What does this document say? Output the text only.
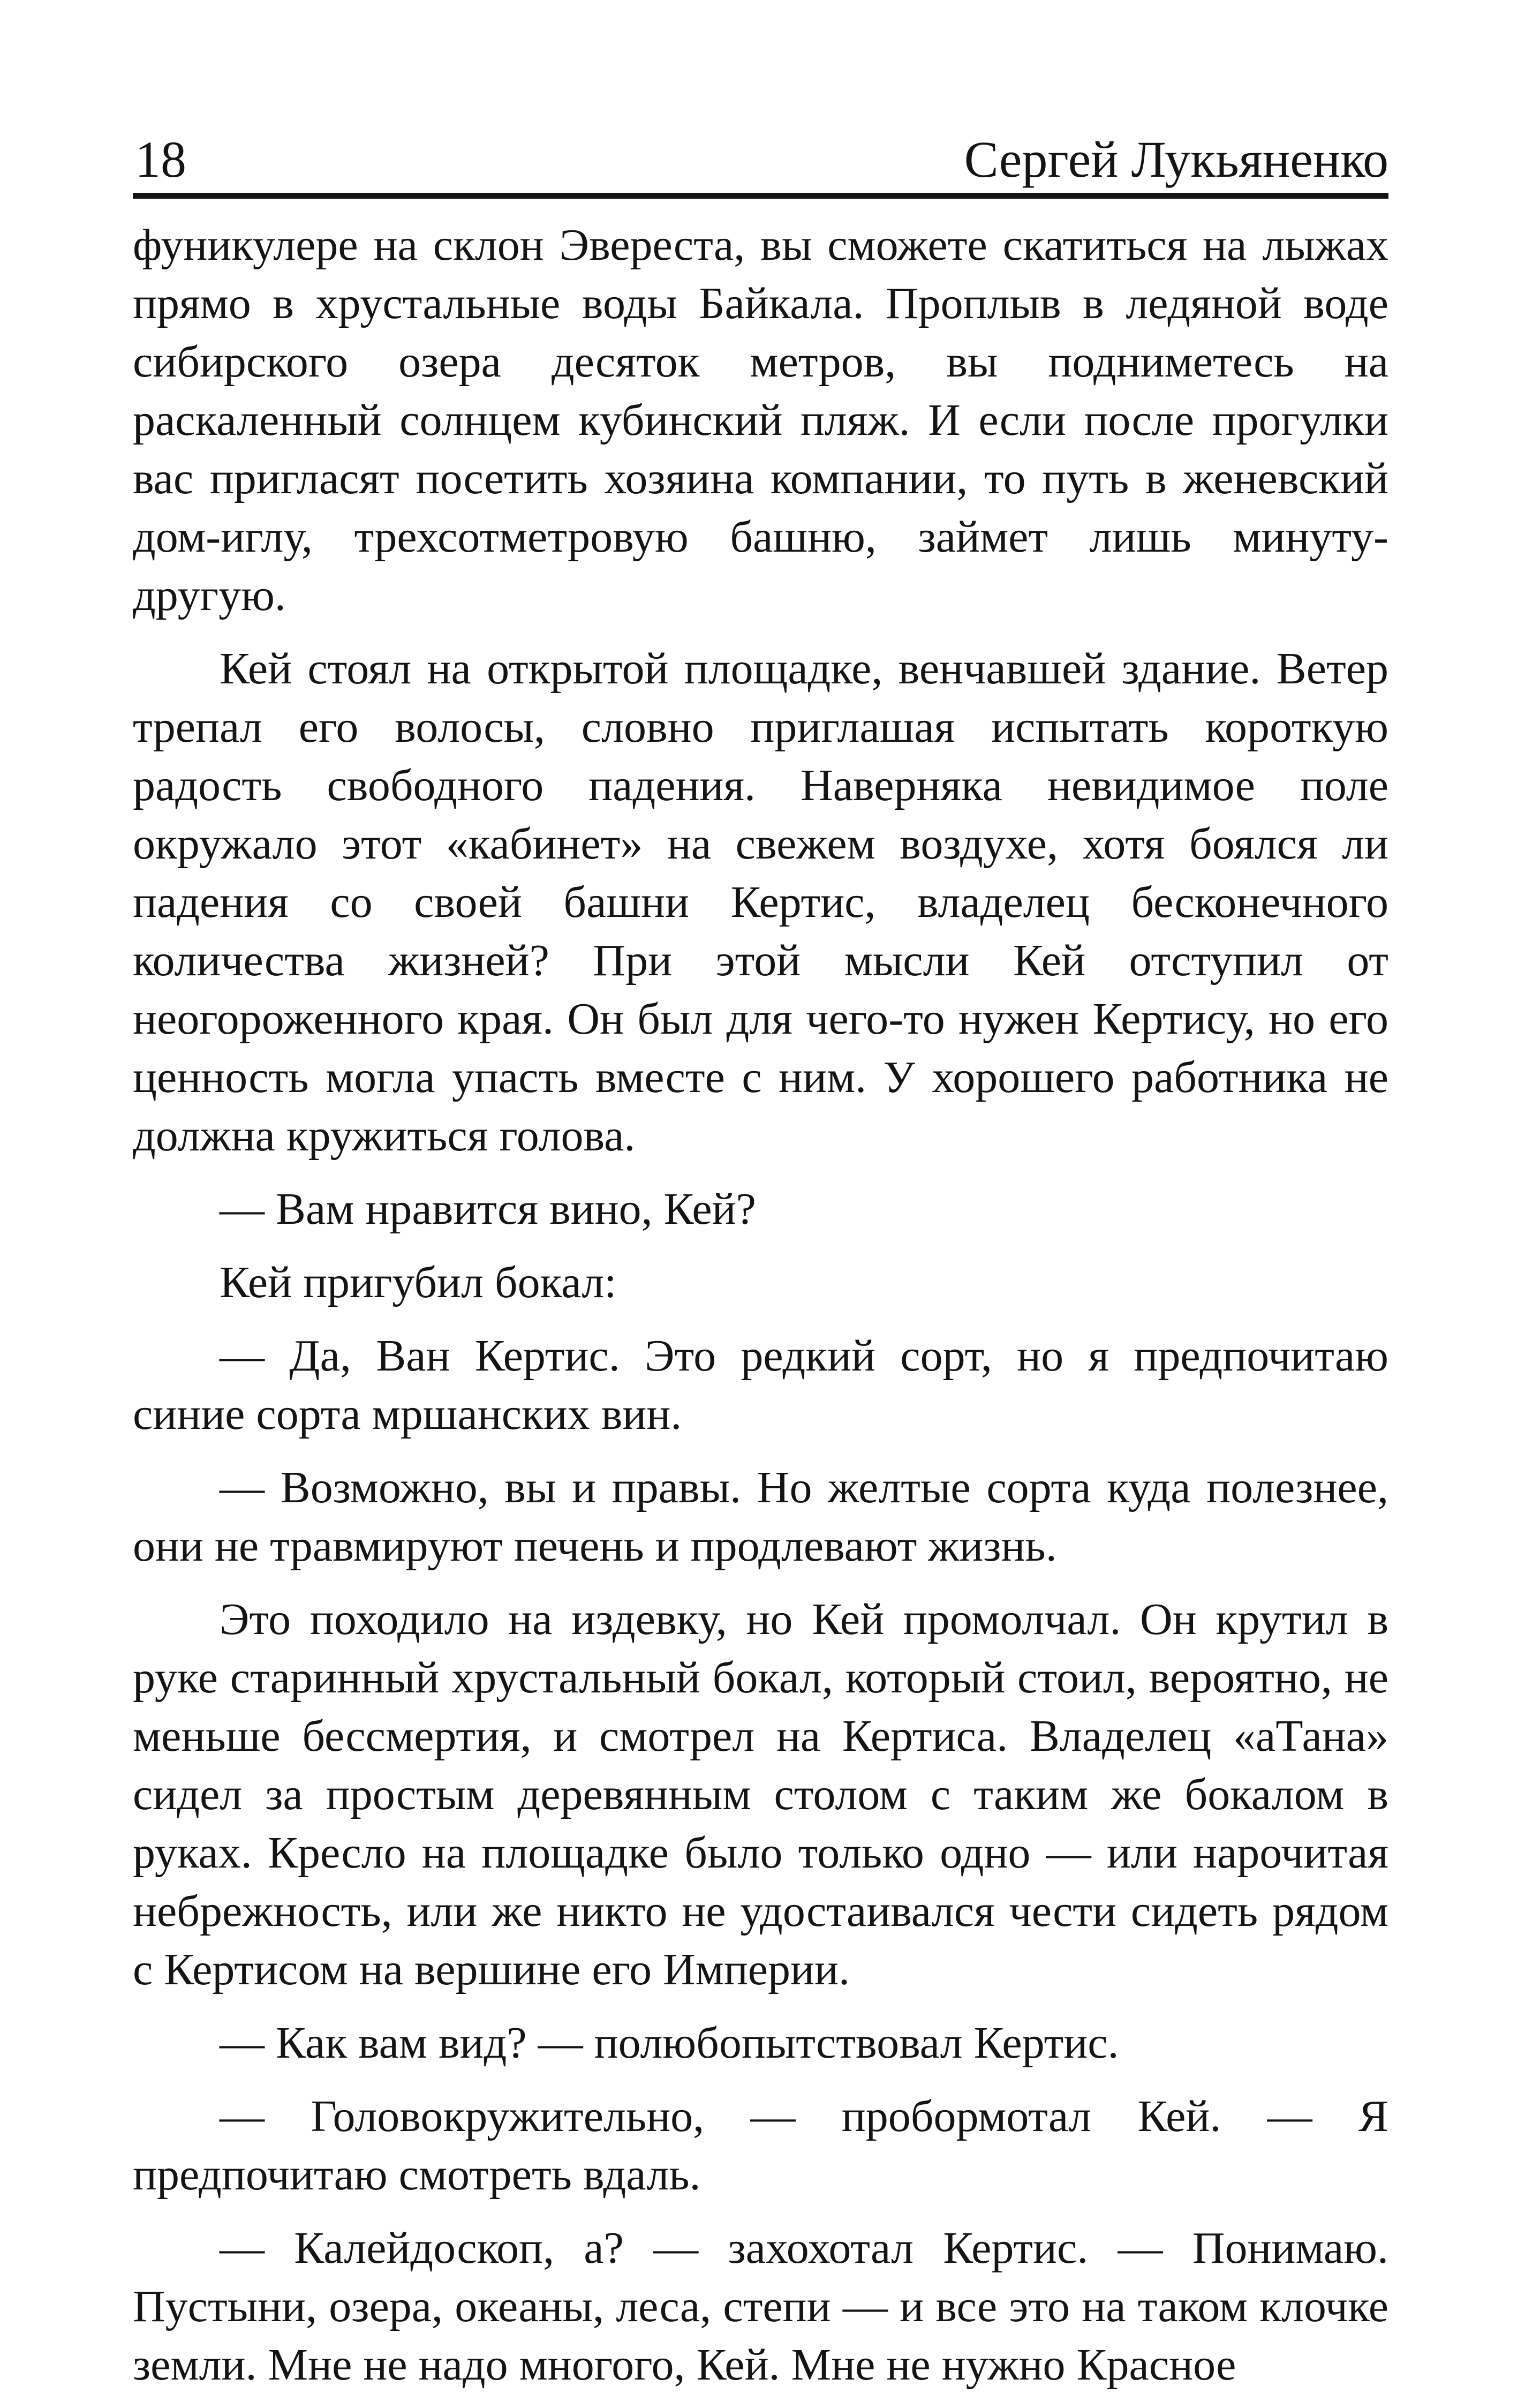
18	Сергей Лукьяненко

фуникулере на склон Эвереста, вы сможете скатиться на лыжах прямо в хрустальные воды Байкала. Проплыв в ледяной воде сибирского озера десяток метров, вы подниметесь на раскаленный солнцем кубинский пляж. И если после прогулки вас пригласят посетить хозяина компании, то путь в женевский дом-иглу, трехсотметровую башню, займет лишь минуту-другую.

Кей стоял на открытой площадке, венчавшей здание. Ветер трепал его волосы, словно приглашая испытать короткую радость свободного падения. Наверняка невидимое поле окружало этот «кабинет» на свежем воздухе, хотя боялся ли падения со своей башни Кертис, владелец бесконечного количества жизней? При этой мысли Кей отступил от неогороженного края. Он был для чего-то нужен Кертису, но его ценность могла упасть вместе с ним. У хорошего работника не должна кружиться голова.

— Вам нравится вино, Кей?

Кей пригубил бокал:

— Да, Ван Кертис. Это редкий сорт, но я предпочитаю синие сорта мршанских вин.

— Возможно, вы и правы. Но желтые сорта куда полезнее, они не травмируют печень и продлевают жизнь.

Это походило на издевку, но Кей промолчал. Он крутил в руке старинный хрустальный бокал, который стоил, вероятно, не меньше бессмертия, и смотрел на Кертиса. Владелец «аТана» сидел за простым деревянным столом с таким же бокалом в руках. Кресло на площадке было только одно — или нарочитая небрежность, или же никто не удостаивался чести сидеть рядом с Кертисом на вершине его Империи.

— Как вам вид? — полюбопытствовал Кертис.

— Головокружительно, — пробормотал Кей. — Я предпочитаю смотреть вдаль.

— Калейдоскоп, а? — захохотал Кертис. — Понимаю. Пустыни, озера, океаны, леса, степи — и все это на таком клочке земли. Мне не надо многого, Кей. Мне не нужно Красное
